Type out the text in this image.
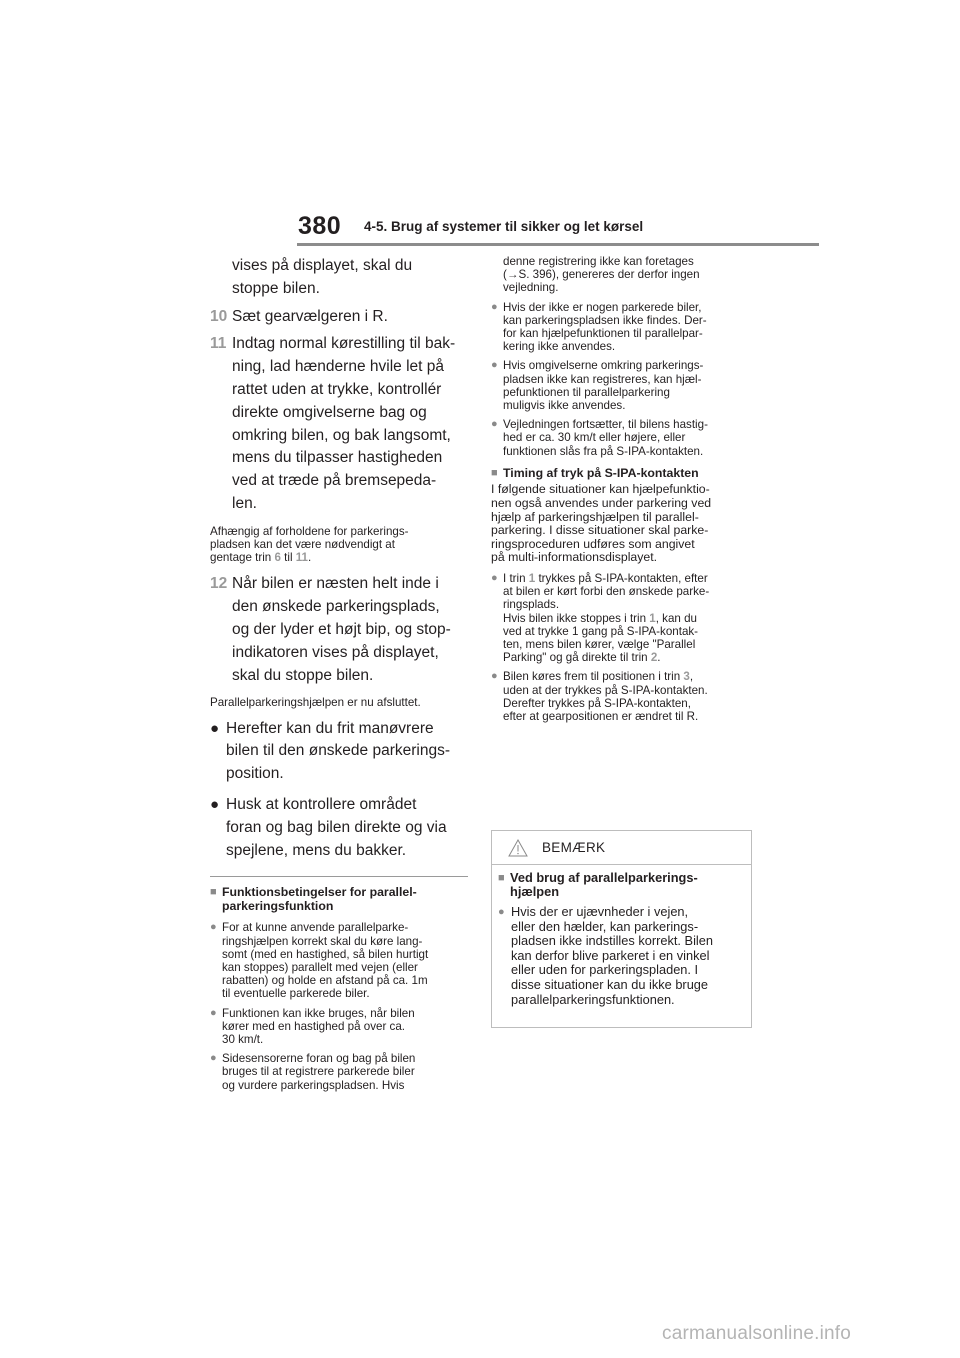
380 4-5. Brug af systemer til sikker og let kørsel
vises på displayet, skal du
stoppe bilen.
10 Sæt gearvælgeren i R.
11 Indtag normal kørestilling til bak-
ning, lad hænderne hvile let på
rattet uden at trykke, kontrollér
direkte omgivelserne bag og
omkring bilen, og bak langsomt,
mens du tilpasser hastigheden
ved at træde på bremsepeda-
len.
Afhængig af forholdene for parkerings-
pladsen kan det være nødvendigt at
gentage trin 6 til 11.
12 Når bilen er næsten helt inde i
den ønskede parkeringsplads,
og der lyder et højt bip, og stop-
indikatoren vises på displayet,
skal du stoppe bilen.
Parallelparkeringshjælpen er nu afsluttet.
● Herefter kan du frit manøvrere
bilen til den ønskede parkerings-
position.
● Husk at kontrollere området
foran og bag bilen direkte og via
spejlene, mens du bakker.
■ Funktionsbetingelser for parallel-
parkeringsfunktion
● For at kunne anvende parallelparke-
ringshjælpen korrekt skal du køre lang-
somt (med en hastighed, så bilen hurtigt
kan stoppes) parallelt med vejen (eller
rabatten) og holde en afstand på ca. 1m
til eventuelle parkerede biler.
● Funktionen kan ikke bruges, når bilen
kører med en hastighed på over ca.
30 km/t.
● Sidesensorerne foran og bag på bilen
bruges til at registrere parkerede biler
og vurdere parkeringspladsen. Hvis
denne registrering ikke kan foretages
(→S. 396), genereres der derfor ingen
vejledning.
● Hvis der ikke er nogen parkerede biler,
kan parkeringspladsen ikke findes. Der-
for kan hjælpefunktionen til parallelpar-
kering ikke anvendes.
● Hvis omgivelserne omkring parkerings-
pladsen ikke kan registreres, kan hjæl-
pefunktionen til parallelparkering
muligvis ikke anvendes.
● Vejledningen fortsætter, til bilens hastig-
hed er ca. 30 km/t eller højere, eller
funktionen slås fra på S-IPA-kontakten.
■ Timing af tryk på S-IPA-kontakten
I følgende situationer kan hjælpefunktio-
nen også anvendes under parkering ved
hjælp af parkeringshjælpen til parallel-
parkering. I disse situationer skal parke-
ringsproceduren udføres som angivet
på multi-informationsdisplayet.
● I trin 1 trykkes på S-IPA-kontakten, efter
at bilen er kørt forbi den ønskede parke-
ringsplads.
Hvis bilen ikke stoppes i trin 1, kan du
ved at trykke 1 gang på S-IPA-kontak-
ten, mens bilen kører, vælge "Parallel
Parking" og gå direkte til trin 2.
● Bilen køres frem til positionen i trin 3,
uden at der trykkes på S-IPA-kontakten.
Derefter trykkes på S-IPA-kontakten,
efter at gearpositionen er ændret til R.
BEMÆRK
■ Ved brug af parallelparkerings-
hjælpen
● Hvis der er ujævnheder i vejen,
eller den hælder, kan parkerings-
pladsen ikke indstilles korrekt. Bilen
kan derfor blive parkeret i en vinkel
eller uden for parkeringspladen. I
disse situationer kan du ikke bruge
parallelparkeringsfunktionen.
carmanualsonline.info
